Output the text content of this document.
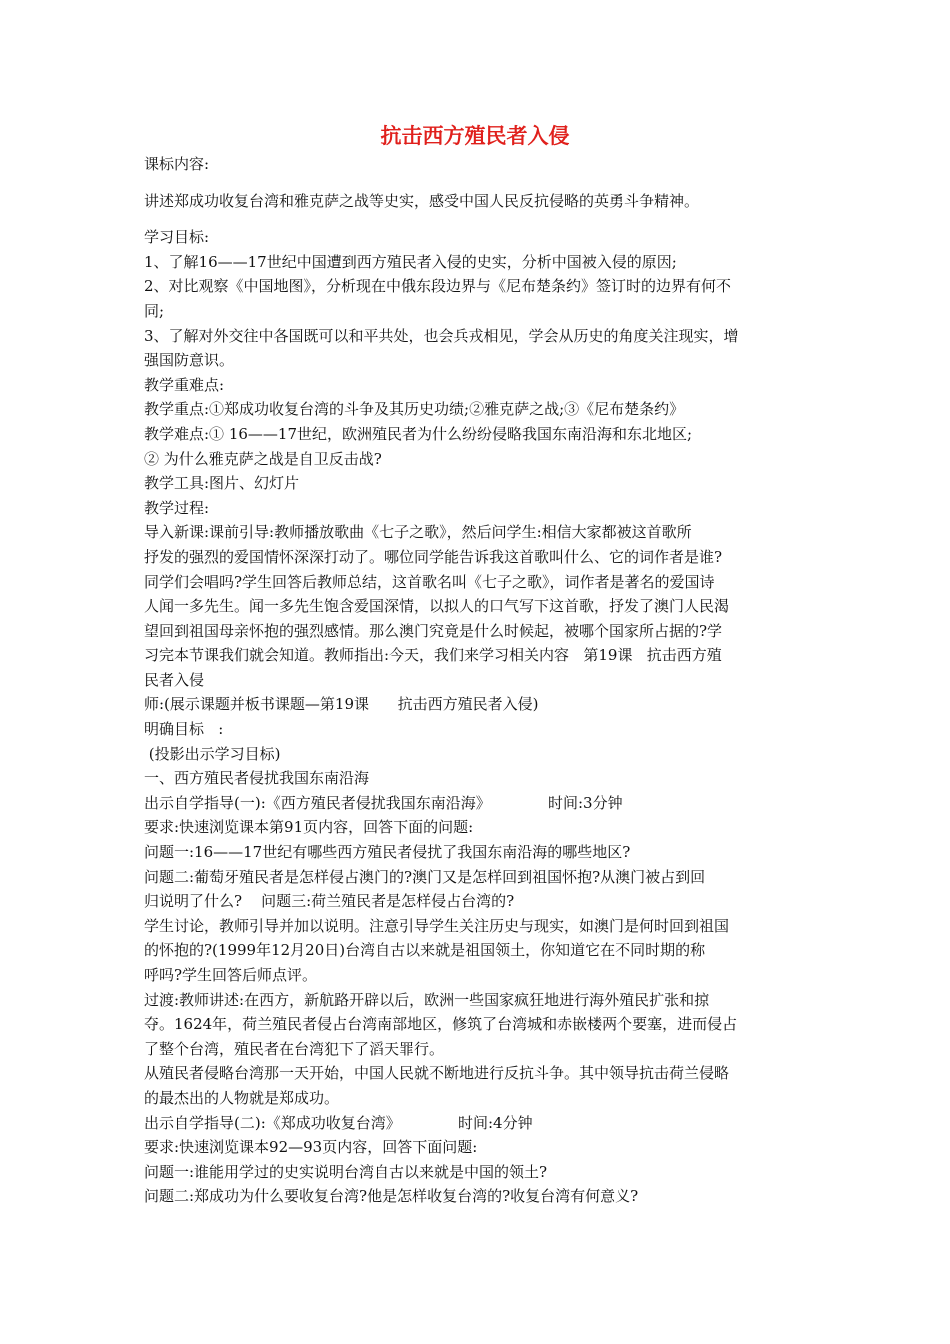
抗击西方殖民者入侵
课标内容:
讲述郑成功收复台湾和雅克萨之战等史实，感受中国人民反抗侵略的英勇斗争精神。
学习目标:
1、了解16——17世纪中国遭到西方殖民者入侵的史实，分析中国被入侵的原因;
2、对比观察《中国地图》，分析现在中俄东段边界与《尼布楚条约》签订时的边界有何不
同;
3、了解对外交往中各国既可以和平共处，也会兵戎相见，学会从历史的角度关注现实，增
强国防意识。
教学重难点:
教学重点:①郑成功收复台湾的斗争及其历史功绩;②雅克萨之战;③《尼布楚条约》
教学难点:① 16——17世纪，欧洲殖民者为什么纷纷侵略我国东南沿海和东北地区;
② 为什么雅克萨之战是自卫反击战?
教学工具:图片、幻灯片
教学过程:
导入新课:课前引导:教师播放歌曲《七子之歌》，然后问学生:相信大家都被这首歌所
抒发的强烈的爱国情怀深深打动了。哪位同学能告诉我这首歌叫什么、它的词作者是谁?
同学们会唱吗?学生回答后教师总结，这首歌名叫《七子之歌》，词作者是著名的爱国诗
人闻一多先生。闻一多先生饱含爱国深情，以拟人的口气写下这首歌，抒发了澳门人民渴
望回到祖国母亲怀抱的强烈感情。那么澳门究竟是什么时候起，被哪个国家所占据的?学
习完本节课我们就会知道。教师指出:今天，我们来学习相关内容   第19课   抗击西方殖
民者入侵
师:(展示课题并板书课题—第19课      抗击西方殖民者入侵)
明确目标   :
(投影出示学习目标)
一、西方殖民者侵扰我国东南沿海
出示自学指导(一):《西方殖民者侵扰我国东南沿海》            时间:3分钟
要求:快速浏览课本第91页内容，回答下面的问题:
问题一:16——17世纪有哪些西方殖民者侵扰了我国东南沿海的哪些地区?
问题二:葡萄牙殖民者是怎样侵占澳门的?澳门又是怎样回到祖国怀抱?从澳门被占到回
归说明了什么?    问题三:荷兰殖民者是怎样侵占台湾的?
学生讨论，教师引导并加以说明。注意引导学生关注历史与现实，如澳门是何时回到祖国
的怀抱的?(1999年12月20日)台湾自古以来就是祖国领土，你知道它在不同时期的称
呼吗?学生回答后师点评。
过渡:教师讲述:在西方，新航路开辟以后，欧洲一些国家疯狂地进行海外殖民扩张和掠
夺。1624年，荷兰殖民者侵占台湾南部地区，修筑了台湾城和赤嵌楼两个要塞，进而侵占
了整个台湾，殖民者在台湾犯下了滔天罪行。
从殖民者侵略台湾那一天开始，中国人民就不断地进行反抗斗争。其中领导抗击荷兰侵略
的最杰出的人物就是郑成功。
出示自学指导(二):《郑成功收复台湾》            时间:4分钟
要求:快速浏览课本92—93页内容，回答下面问题:
问题一:谁能用学过的史实说明台湾自古以来就是中国的领土?
问题二:郑成功为什么要收复台湾?他是怎样收复台湾的?收复台湾有何意义?
